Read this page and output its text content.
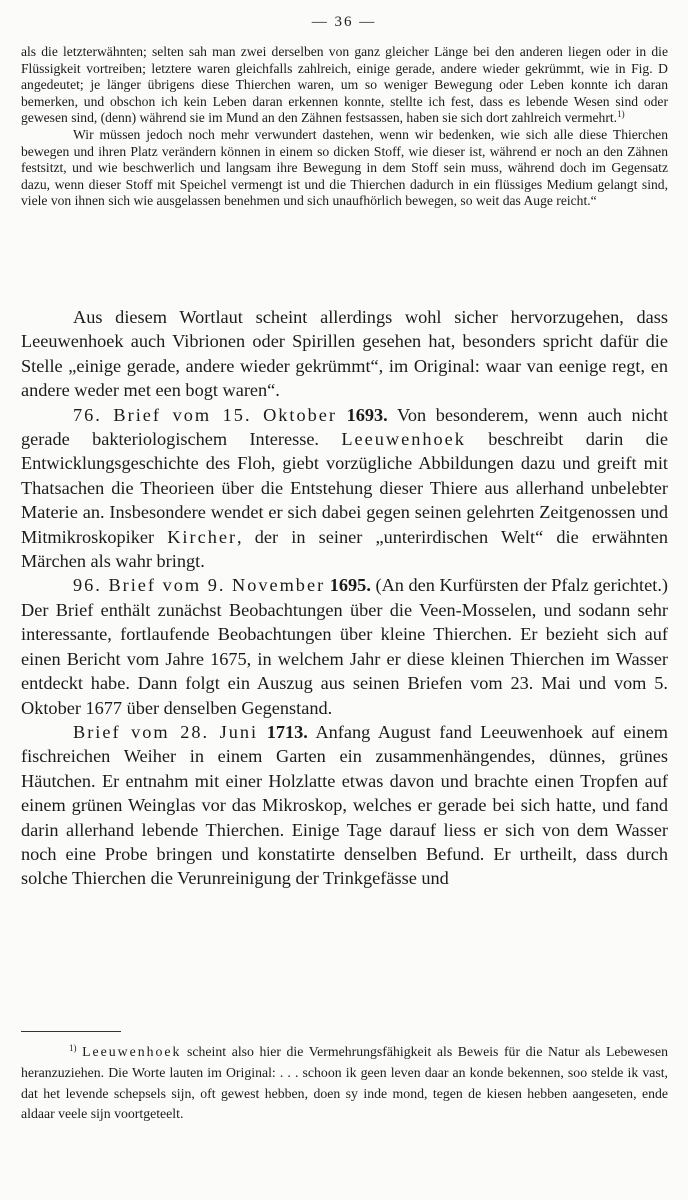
— 36 —

als die letzterwähnten; selten sah man zwei derselben von ganz gleicher Länge bei den anderen liegen oder in die Flüssigkeit vortreiben; letztere waren gleichfalls zahlreich, einige gerade, andere wieder gekrümmt, wie in Fig. D angedeutet; je länger übrigens diese Thierchen waren, um so weniger Bewegung oder Leben konnte ich daran bemerken, und obschon ich kein Leben daran erkennen konnte, stellte ich fest, dass es lebende Wesen sind oder gewesen sind, (denn) während sie im Mund an den Zähnen festsassen, haben sie sich dort zahlreich vermehrt.$^{1)}$

Wir müssen jedoch noch mehr verwundert dastehen, wenn wir bedenken, wie sich alle diese Thierchen bewegen und ihren Platz verändern können in einem so dicken Stoff, wie dieser ist, während er noch an den Zähnen festsitzt, und wie beschwerlich und langsam ihre Bewegung in dem Stoff sein muss, während doch im Gegensatz dazu, wenn dieser Stoff mit Speichel vermengt ist und die Thierchen dadurch in ein flüssiges Medium gelangt sind, viele von ihnen sich wie ausgelassen benehmen und sich unaufhörlich bewegen, so weit das Auge reicht.“

Aus diesem Wortlaut scheint allerdings wohl sicher hervorzugehen, dass Leeuwenhoek auch Vibrionen oder Spirillen gesehen hat, besonders spricht dafür die Stelle „einige gerade, andere wieder gekrümmt“, im Original: waar van eenige regt, en andere weder met een bogt waren“.

76. Brief vom 15. Oktober 1693. Von besonderem, wenn auch nicht gerade bakteriologischem Interesse. Leeuwenhoek beschreibt darin die Entwicklungsgeschichte des Floh, giebt vorzügliche Abbildungen dazu und greift mit Thatsachen die Theorieen über die Entstehung dieser Thiere aus allerhand unbelebter Materie an. Insbesondere wendet er sich dabei gegen seinen gelehrten Zeitgenossen und Mitmikroskopiker Kircher, der in seiner „unterirdischen Welt“ die erwähnten Märchen als wahr bringt.

96. Brief vom 9. November 1695. (An den Kurfürsten der Pfalz gerichtet.) Der Brief enthält zunächst Beobachtungen über die Veen-Mosselen, und sodann sehr interessante, fortlaufende Beobachtungen über kleine Thierchen. Er bezieht sich auf einen Bericht vom Jahre 1675, in welchem Jahr er diese kleinen Thierchen im Wasser entdeckt habe. Dann folgt ein Auszug aus seinen Briefen vom 23. Mai und vom 5. Oktober 1677 über denselben Gegenstand.

Brief vom 28. Juni 1713. Anfang August fand Leeuwenhoek auf einem fischreichen Weiher in einem Garten ein zusammenhängendes, dünnes, grünes Häutchen. Er entnahm mit einer Holzlatte etwas davon und brachte einen Tropfen auf einem grünen Weinglas vor das Mikroskop, welches er gerade bei sich hatte, und fand darin allerhand lebende Thierchen. Einige Tage darauf liess er sich von dem Wasser noch eine Probe bringen und konstatirte denselben Befund. Er urtheilt, dass durch solche Thierchen die Verunreinigung der Trinkgefässe und

$^{1)}$ Leeuwenhoek scheint also hier die Vermehrungsfähigkeit als Beweis für die Natur als Lebewesen heranzuziehen. Die Worte lauten im Original: . . . schoon ik geen leven daar an konde bekennen, soo stelde ik vast, dat het levende schepsels sijn, oft gewest hebben, doen sy inde mond, tegen de kiesen hebben aangeseten, ende aldaar veele sijn voortgeteelt.
